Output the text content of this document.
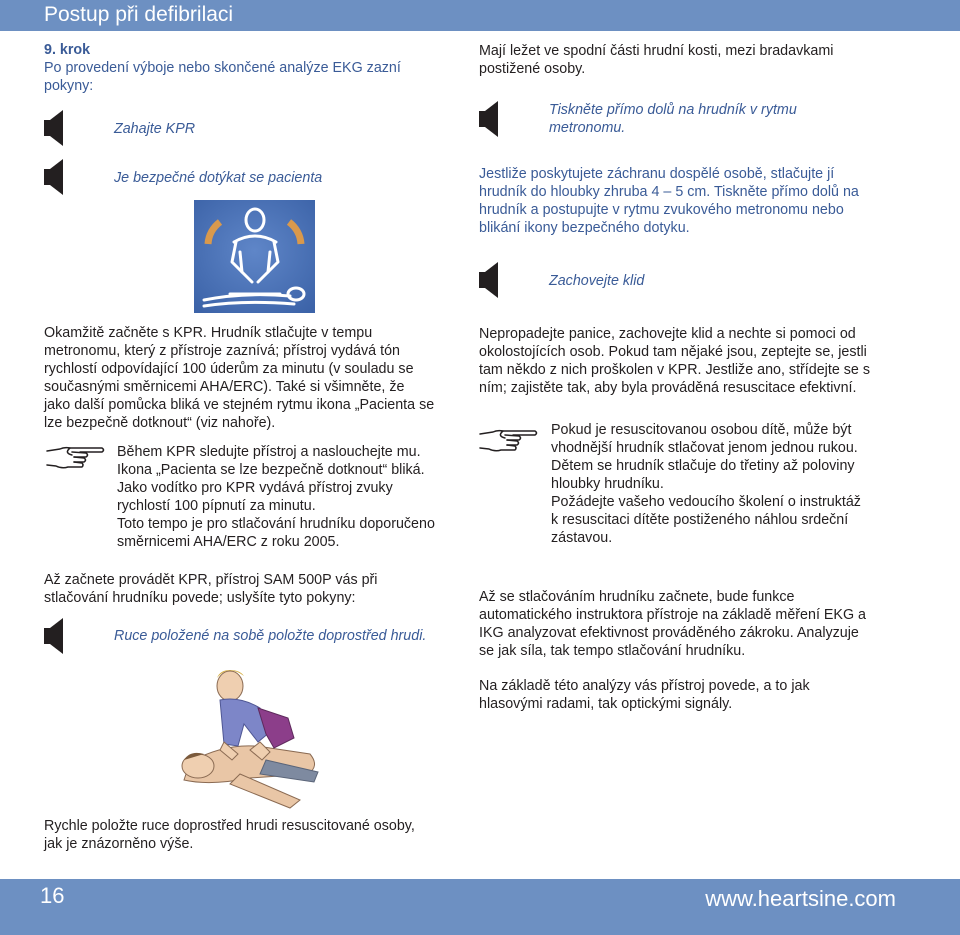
Postup při defibrilaci
9. krok
Po provedení výboje nebo skončené analýze EKG zazní
pokyny:
Zahajte KPR
Je bezpečné dotýkat se pacienta
Okamžitě začněte s KPR. Hrudník stlačujte v tempu
metronomu, který z přístroje zaznívá; přístroj vydává tón
rychlostí odpovídající 100 úderům za minutu (v souladu se
současnými směrnicemi AHA/ERC). Také si všimněte, že
jako další pomůcka bliká ve stejném rytmu ikona „Pacienta se
lze bezpečně dotknout“ (viz nahoře).
Během KPR sledujte přístroj a naslouchejte mu.
Ikona „Pacienta se lze bezpečně dotknout“ bliká.
Jako vodítko pro KPR vydává přístroj zvuky
rychlostí 100 pípnutí za minutu.
Toto tempo je pro stlačování hrudníku doporučeno
směrnicemi AHA/ERC z roku 2005.
Až začnete provádět KPR, přístroj SAM 500P vás při
stlačování hrudníku povede; uslyšíte tyto pokyny:
Ruce položené na sobě položte doprostřed hrudi.
Rychle položte ruce doprostřed hrudi resuscitované osoby,
jak je znázorněno výše.
Mají ležet ve spodní části hrudní kosti, mezi bradavkami
postižené osoby.
Tiskněte přímo dolů na hrudník v rytmu
metronomu.
Jestliže poskytujete záchranu dospělé osobě, stlačujte jí
hrudník do hloubky zhruba 4 – 5 cm. Tiskněte přímo dolů na
hrudník a postupujte v rytmu zvukového metronomu nebo
blikání ikony bezpečného dotyku.
Zachovejte klid
Nepropadejte panice, zachovejte klid a nechte si pomoci od
okolostojících osob. Pokud tam nějaké jsou, zeptejte se, jestli
tam někdo z nich proškolen v KPR. Jestliže ano, střídejte se s
ním; zajistěte tak, aby byla prováděná resuscitace efektivní.
Pokud je resuscitovanou osobou dítě, může být
vhodnější hrudník stlačovat jenom jednou rukou.
Dětem se hrudník stlačuje do třetiny až poloviny
hloubky hrudníku.
Požádejte vašeho vedoucího školení o instruktáž
k resuscitaci dítěte postiženého náhlou srdeční
zástavou.
Až se stlačováním hrudníku začnete, bude funkce
automatického instruktora přístroje na základě měření EKG a
IKG analyzovat efektivnost prováděného zákroku. Analyzuje
se jak síla, tak tempo stlačování hrudníku.
Na základě této analýzy vás přístroj povede, a to jak
hlasovými radami, tak optickými signály.
16	www.heartsine.com
